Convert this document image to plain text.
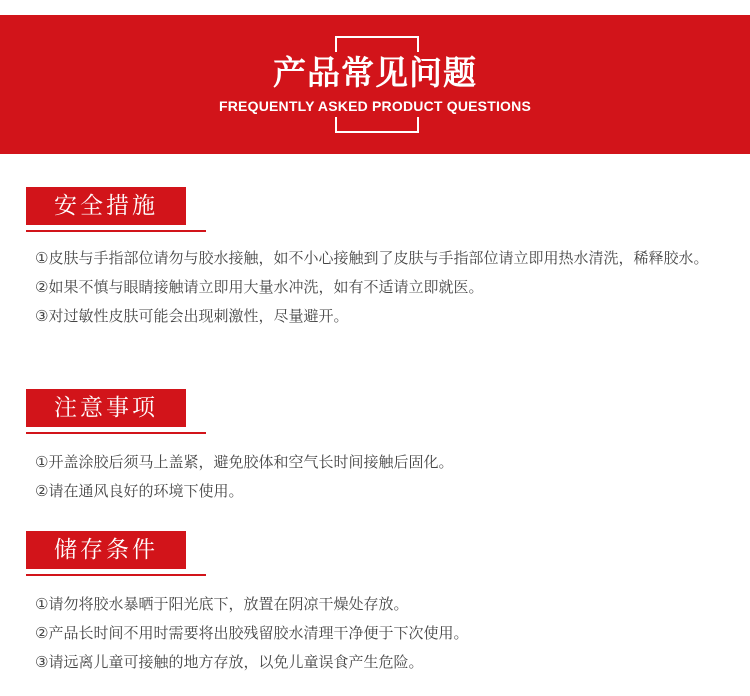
产品常见问题
FREQUENTLY ASKED PRODUCT QUESTIONS
安全措施

①皮肤与手指部位请勿与胶水接触，如不小心接触到了皮肤与手指部位请立即用热水清洗，稀释胶水。

②如果不慎与眼睛接触请立即用大量水冲洗，如有不适请立即就医。

③对过敏性皮肤可能会出现刺激性，尽量避开。

注意事项

①开盖涂胶后须马上盖紧，避免胶体和空气长时间接触后固化。

②请在通风良好的环境下使用。

储存条件

①请勿将胶水暴晒于阳光底下，放置在阴凉干燥处存放。

②产品长时间不用时需要将出胶残留胶水清理干净便于下次使用。

③请远离儿童可接触的地方存放，以免儿童误食产生危险。
